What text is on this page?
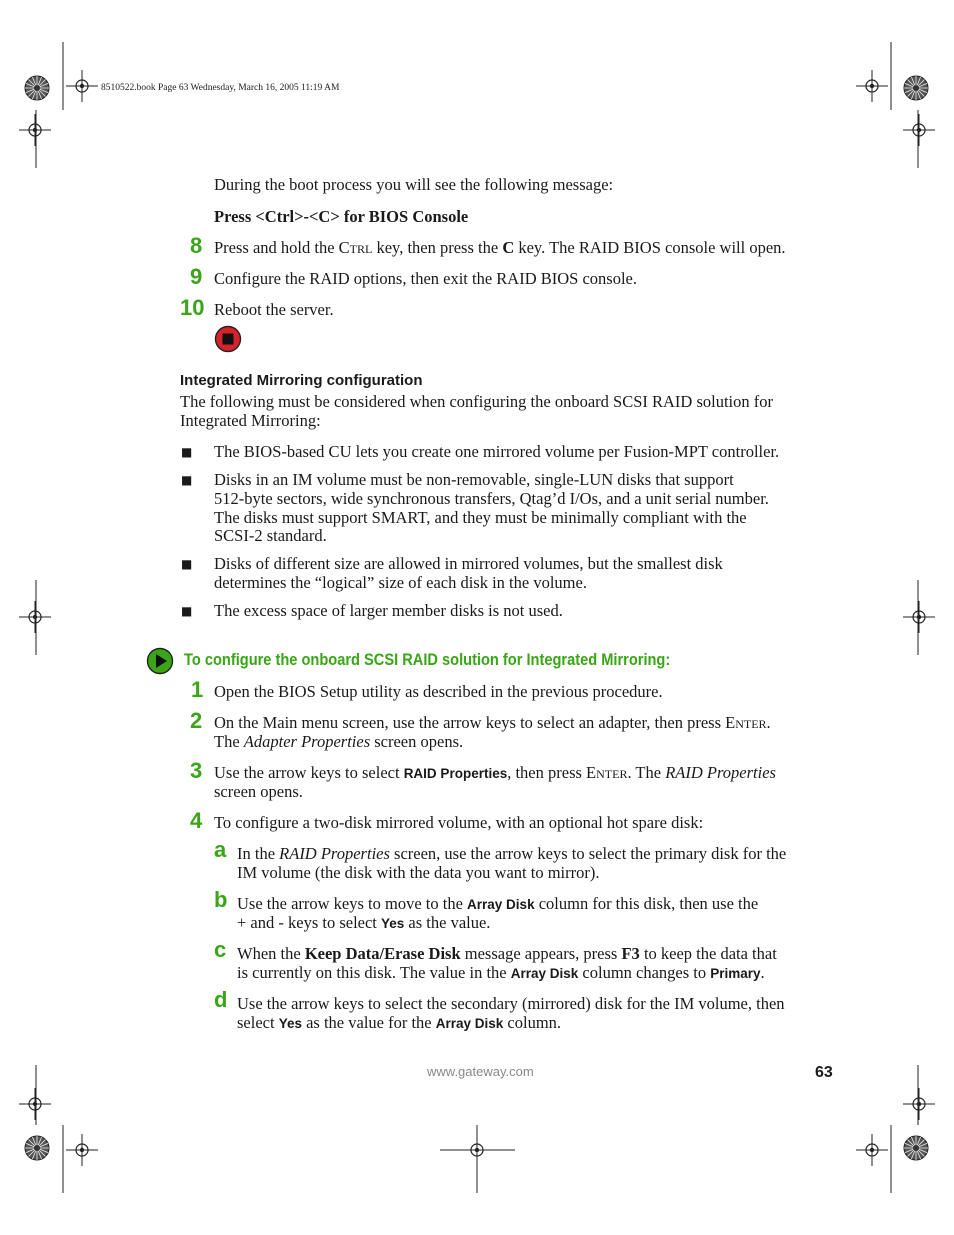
8510522.book Page 63 Wednesday, March 16, 2005 11:19 AM
During the boot process you will see the following message:
Press <Ctrl>-<C> for BIOS Console
8 Press and hold the Ctrl key, then press the C key. The RAID BIOS console will open.
9 Configure the RAID options, then exit the RAID BIOS console.
10 Reboot the server.
Integrated Mirroring configuration
The following must be considered when configuring the onboard SCSI RAID solution for
Integrated Mirroring:
■ The BIOS-based CU lets you create one mirrored volume per Fusion-MPT controller.
■ Disks in an IM volume must be non-removable, single-LUN disks that support
512-byte sectors, wide synchronous transfers, Qtag’d I/Os, and a unit serial number.
The disks must support SMART, and they must be minimally compliant with the
SCSI-2 standard.
■ Disks of different size are allowed in mirrored volumes, but the smallest disk
determines the “logical” size of each disk in the volume.
■ The excess space of larger member disks is not used.
To configure the onboard SCSI RAID solution for Integrated Mirroring:
1 Open the BIOS Setup utility as described in the previous procedure.
2 On the Main menu screen, use the arrow keys to select an adapter, then press Enter.
The Adapter Properties screen opens.
3 Use the arrow keys to select RAID Properties, then press Enter. The RAID Properties
screen opens.
4 To configure a two-disk mirrored volume, with an optional hot spare disk:
a In the RAID Properties screen, use the arrow keys to select the primary disk for the
IM volume (the disk with the data you want to mirror).
b Use the arrow keys to move to the Array Disk column for this disk, then use the
+ and - keys to select Yes as the value.
c When the Keep Data/Erase Disk message appears, press F3 to keep the data that
is currently on this disk. The value in the Array Disk column changes to Primary.
d Use the arrow keys to select the secondary (mirrored) disk for the IM volume, then
select Yes as the value for the Array Disk column.
www.gateway.com	63
